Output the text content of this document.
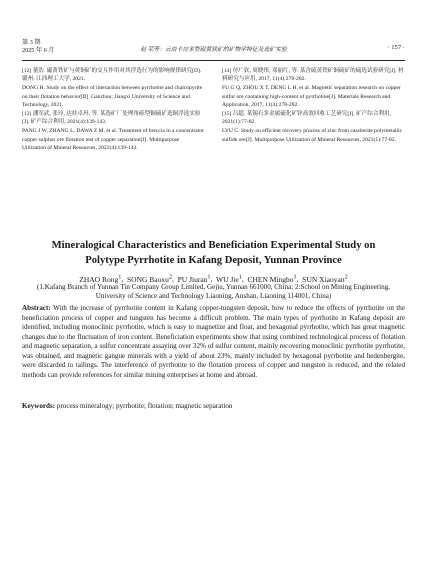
第 3 期
2025 年 6 月	赵 荣等：云南卡房多型磁黄铁矿的矿物学特征及选矿实验	· 157 ·

[12] 董浩. 磁黄铁矿与黄铜矿的交互作用对其浮选行为的影响规律研究[D]. 赣州: 江西理工大学, 2021.

DONG H. Study on the effect of interaction between pyrrhotite and chalcopyrite on their flotation behavior[D]. Ganzhou: Jiangxi University of Science and Technology, 2021.

[13] 潘军武, 张玲, 达娃卓玛, 等. 某选矿厂处理角砾型铜硫矿选铜浮选实验[J]. 矿产综合利用, 2021(4):139-143.

PANG J W, ZHANG L, DAWA Z M, et al. Treatment of breccia in a concentrator copper sulphur ore flotation test of copper separation[J]. Multipurpose Utilization of Mineral Resources, 2021(4):139-143.

[14] 付广钦, 周晓彤, 邓丽红, 等. 某含硫黄铁矿铜硫矿的硫选试验研究[J]. 材料研究与应用, 2017, 11(4):278-282.

FU G Q, ZHOU X T, DENG L H, et al. Magnetic separation research on copper sulfur ore containing high-content of pyrrhotine[J]. Materials Research and Application, 2017, 11(4):278-282.

[15] 吕超. 某锡石多金属硫化矿锌高效回收工艺研究[J]. 矿产综合利用, 2021(1):77-82.

LYU C. Study on efficient recovery process of zinc from cassiterite polymetallic sulfide ore[J]. Multipurpose Utilization of Mineral Resources, 2021(1):77-82.

Mineralogical Characteristics and Beneficiation Experimental Study on
Polytype Pyrrhotite in Kafang Deposit, Yunnan Province
ZHAO Rong$^1$,  SONG Baoxu$^2$,  PU Jiuran$^1$,  WU Jie$^1$,  CHEN Mingbo$^1$,  SUN Xiaoyan$^2$
(1.Kafang Branch of Yunnan Tin Company Group Limited, Gejiu, Yunnan 661000, China; 2:School on Mining Engineering, University of Science and Technology Liaoning, Anshan, Liaoning 114001, China)
Abstract: With the increase of pyrrhotite content in Kafang copper-tungsten deposit, how to reduce the effects of pyrrhotite on the beneficiation process of copper and tungsten has become a difficult problem. The main types of pyrrhotite in Kafang deposit are identified, including monoclinic pyrrhotite, which is easy to magnetize and float, and hexagonal pyrrhotite, which has great magnetic changes due to the fluctuation of iron content. Beneficiation experiments show that using combined technological process of flotation and magnetic separation, a sulfur concentrate assaying over 32% of sulfur content, mainly recovering monoclinic pyrrhotite pyrrhotite, was obtained, and magnetic gangue minerals with a yield of about 23%, mainly included by hexagonal pyrrhotite and hedenbergite, were discarded to tailings. The interference of pyrrhotite to the flotation process of copper and tungsten is reduced, and the related methods can provide references for similar mining enterprises at home and abroad.
Keywords: process mineralogy; pyrrhotite; flotation; magnetic separation
